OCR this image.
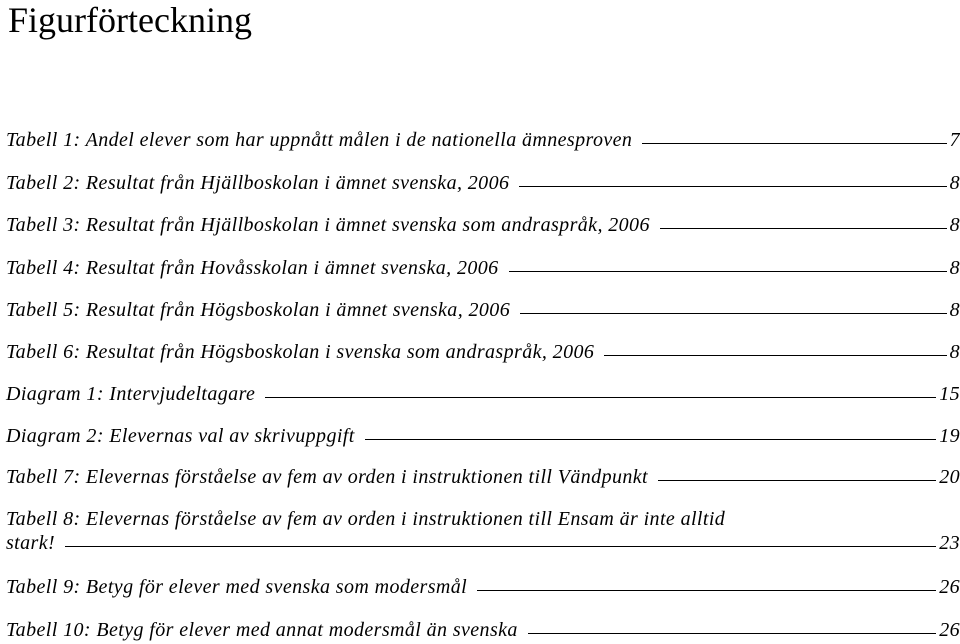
Figurförteckning
Tabell 1: Andel elever som har uppnått målen i de nationella ämnesproven	7
Tabell 2: Resultat från Hjällboskolan i ämnet svenska, 2006	8
Tabell 3: Resultat från Hjällboskolan i ämnet svenska som andraspråk, 2006	8
Tabell 4: Resultat från Hovåsskolan i ämnet svenska, 2006	8
Tabell 5: Resultat från Högsboskolan i ämnet svenska, 2006	8
Tabell 6: Resultat från Högsboskolan i svenska som andraspråk, 2006	8
Diagram 1: Intervjudeltagare	15
Diagram 2: Elevernas val av skrivuppgift	19
Tabell 7: Elevernas förståelse av fem av orden i instruktionen till Vändpunkt	20
Tabell 8: Elevernas förståelse av fem av orden i instruktionen till Ensam är inte alltid
stark!	23
Tabell 9: Betyg för elever med svenska som modersmål	26
Tabell 10: Betyg för elever med annat modersmål än svenska	26
